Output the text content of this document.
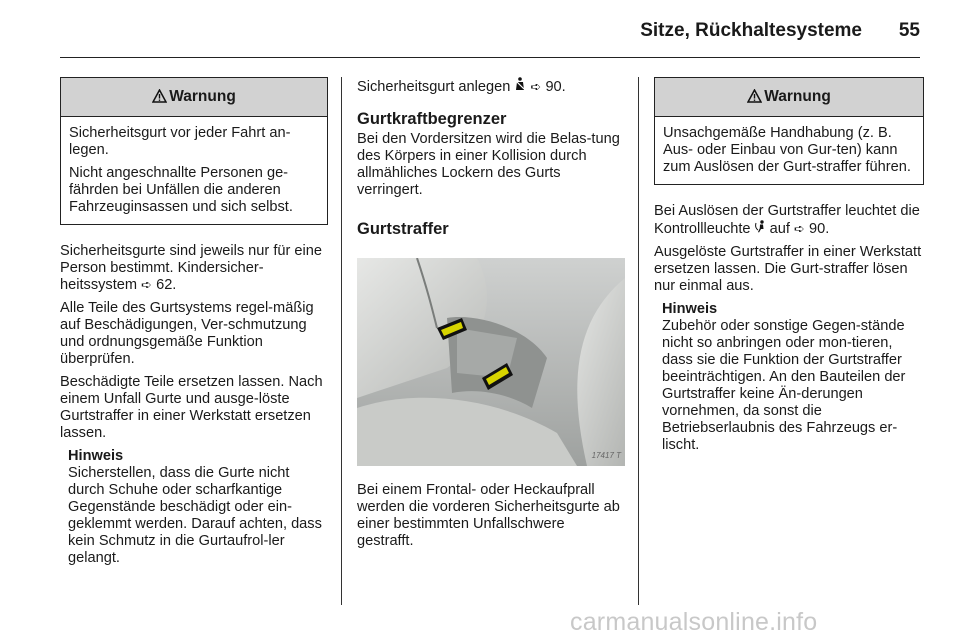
Sitze, Rückhaltesysteme 55
Warnung

Sicherheitsgurt vor jeder Fahrt an-legen.

Nicht angeschnallte Personen ge-fährden bei Unfällen die anderen Fahrzeuginsassen und sich selbst.

Sicherheitsgurte sind jeweils nur für eine Person bestimmt. Kindersicher-heitssystem ➪ 62.

Alle Teile des Gurtsystems regel-mäßig auf Beschädigungen, Ver-schmutzung und ordnungsgemäße Funktion überprüfen.

Beschädigte Teile ersetzen lassen. Nach einem Unfall Gurte und ausge-löste Gurtstraffer in einer Werkstatt ersetzen lassen.

Hinweis
Sicherstellen, dass die Gurte nicht durch Schuhe oder scharfkantige Gegenstände beschädigt oder ein-geklemmt werden. Darauf achten, dass kein Schmutz in die Gurtaufrol-ler gelangt.

Sicherheitsgurt anlegen ➪ 90.

Gurtkraftbegrenzer

Bei den Vordersitzen wird die Belas-tung des Körpers in einer Kollision durch allmähliches Lockern des Gurts verringert.

Gurtstraffer
17417 T

Bei einem Frontal- oder Heckaufprall werden die vorderen Sicherheitsgurte ab einer bestimmten Unfallschwere gestrafft.

Warnung

Unsachgemäße Handhabung (z. B. Aus- oder Einbau von Gur-ten) kann zum Auslösen der Gurt-straffer führen.

Bei Auslösen der Gurtstraffer leuchtet die Kontrollleuchte auf ➪ 90.

Ausgelöste Gurtstraffer in einer Werkstatt ersetzen lassen. Die Gurt-straffer lösen nur einmal aus.

Hinweis
Zubehör oder sonstige Gegen-stände nicht so anbringen oder mon-tieren, dass sie die Funktion der Gurtstraffer beeinträchtigen. An den Bauteilen der Gurtstraffer keine Än-derungen vornehmen, da sonst die Betriebserlaubnis des Fahrzeugs er-lischt.
carmanualsonline.info
